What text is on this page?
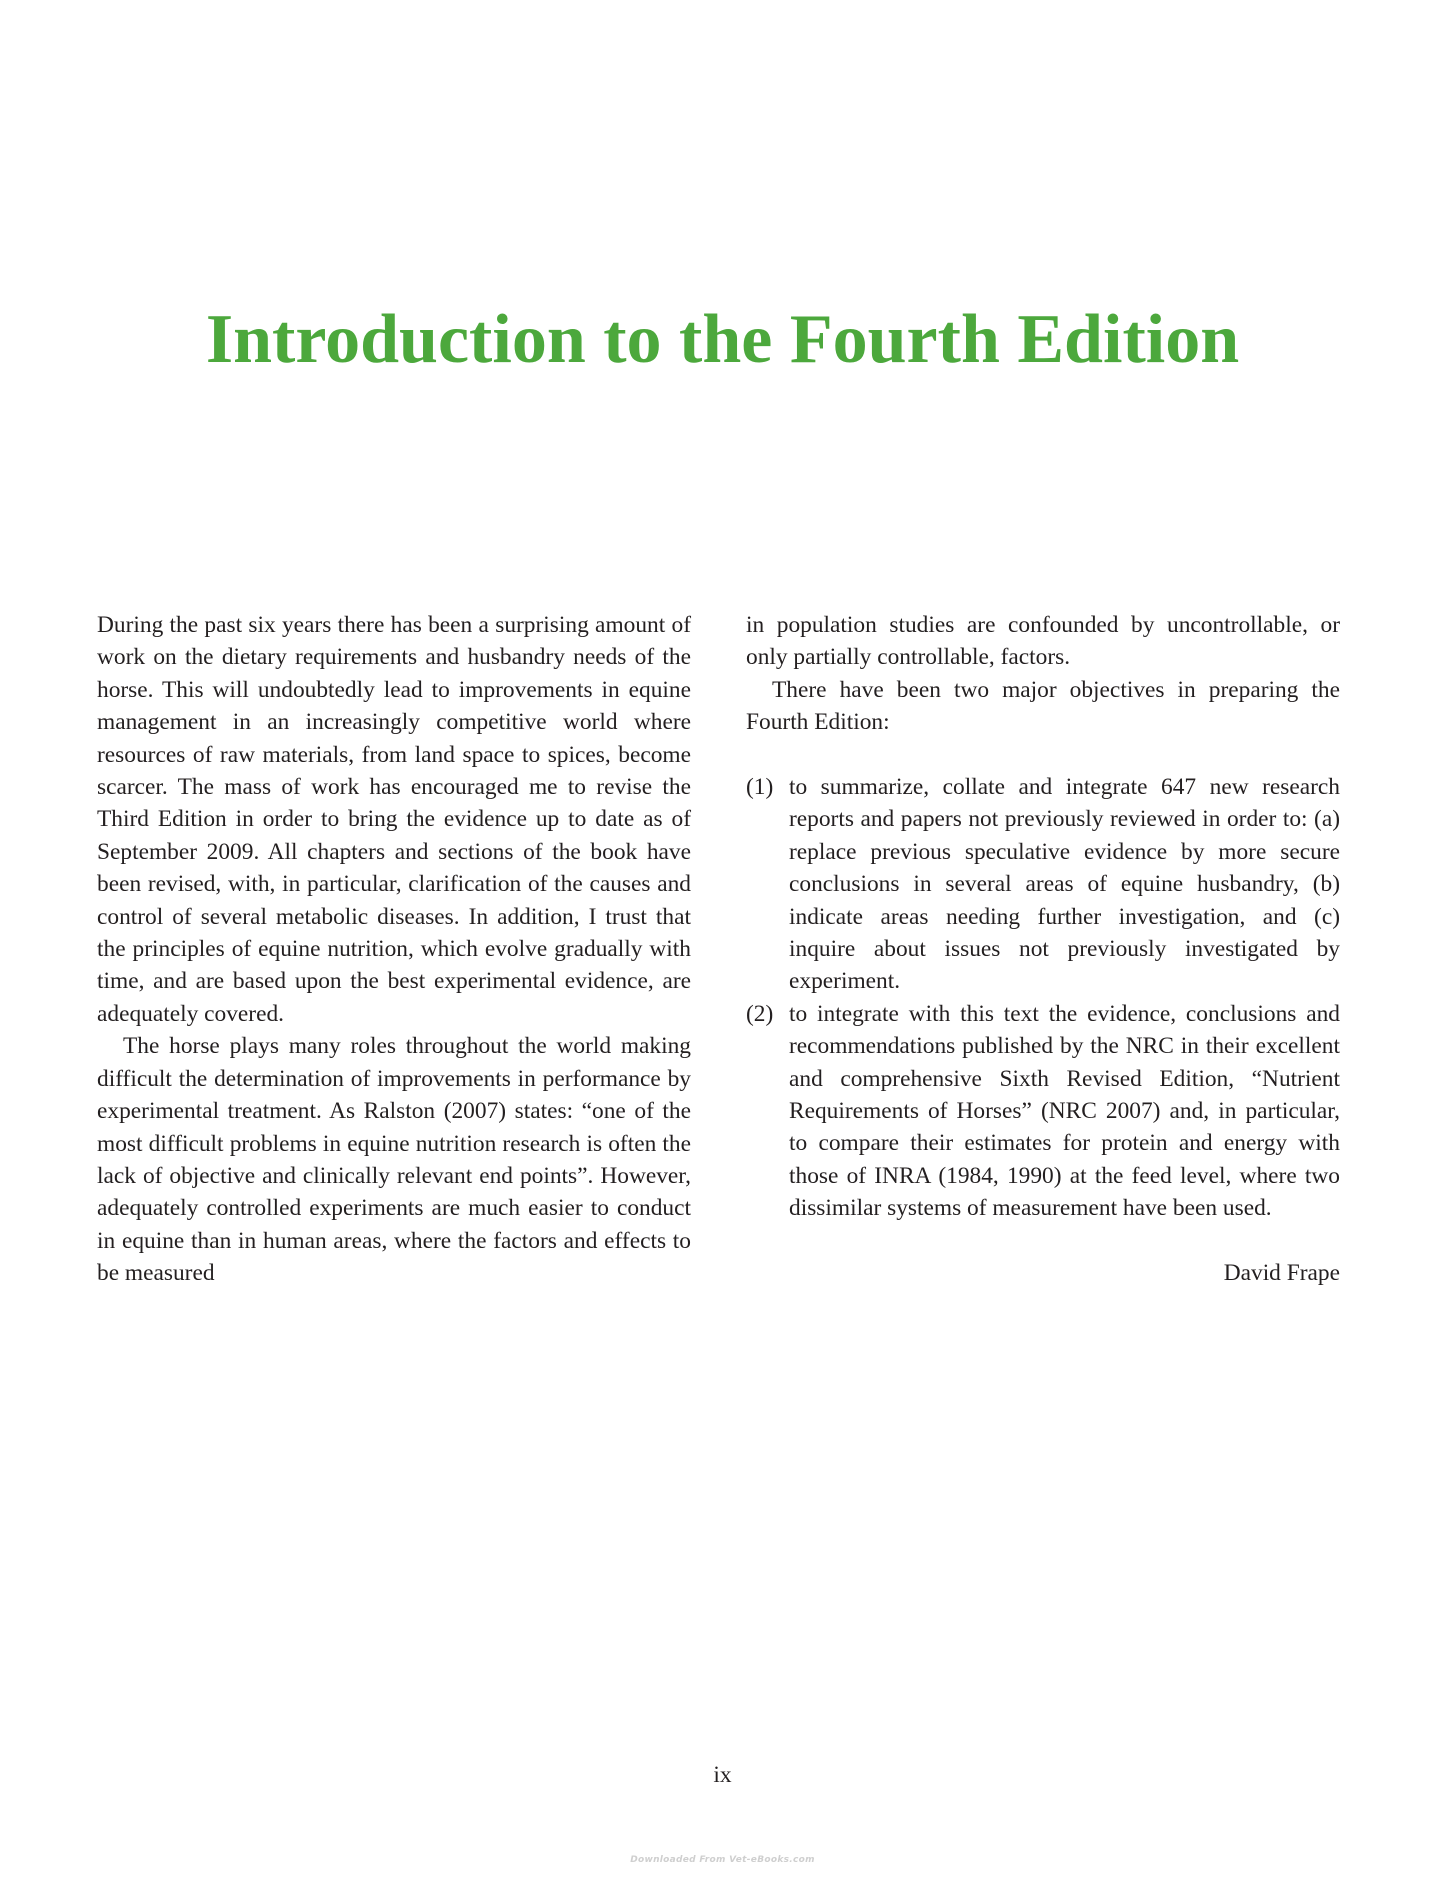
Introduction to the Fourth Edition

During the past six years there has been a surprising amount of work on the dietary requirements and husbandry needs of the horse. This will undoubtedly lead to improvements in equine management in an increasingly competitive world where resources of raw materials, from land space to spices, become scarcer. The mass of work has encouraged me to revise the Third Edition in order to bring the evidence up to date as of September 2009. All chapters and sections of the book have been revised, with, in particular, clarification of the causes and control of several metabolic diseases. In addition, I trust that the principles of equine nutrition, which evolve gradually with time, and are based upon the best experimental evidence, are adequately covered.

The horse plays many roles throughout the world making difficult the determination of improvements in performance by experimental treatment. As Ralston (2007) states: “one of the most difficult problems in equine nutrition research is often the lack of objective and clinically relevant end points”. However, adequately controlled experiments are much easier to conduct in equine than in human areas, where the factors and effects to be measured

in population studies are confounded by uncontrollable, or only partially controllable, factors.

There have been two major objectives in preparing the Fourth Edition:

(1) to summarize, collate and integrate 647 new research reports and papers not previously reviewed in order to: (a) replace previous speculative evidence by more secure conclusions in several areas of equine husbandry, (b) indicate areas needing further investigation, and (c) inquire about issues not previously investigated by experiment.
(2) to integrate with this text the evidence, conclusions and recommendations published by the NRC in their excellent and comprehensive Sixth Revised Edition, “Nutrient Requirements of Horses” (NRC 2007) and, in particular, to compare their estimates for protein and energy with those of INRA (1984, 1990) at the feed level, where two dissimilar systems of measurement have been used.
David Frape
ix
Downloaded From Vet-eBooks.com
